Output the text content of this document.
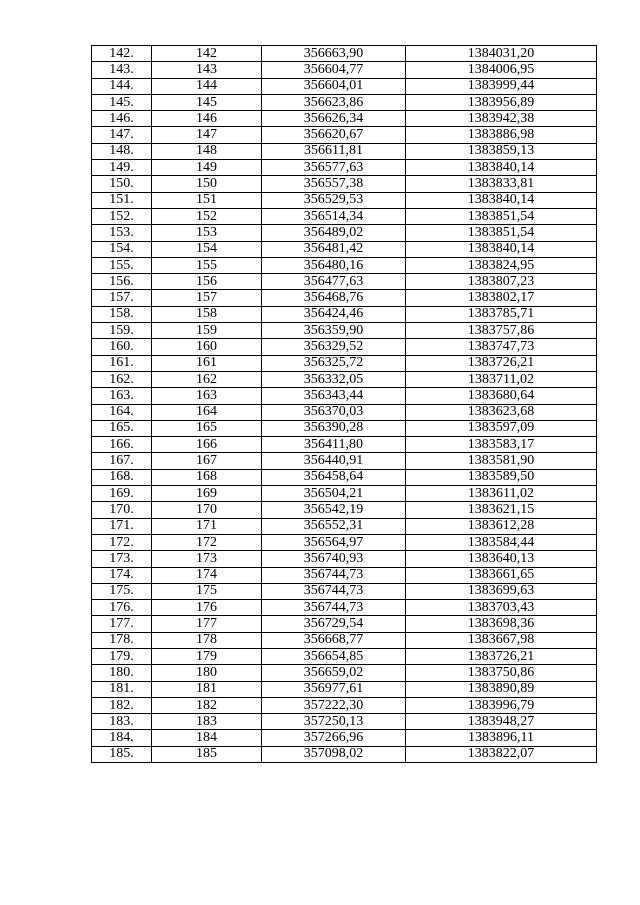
142.	142	356663,90	1384031,20
143.	143	356604,77	1384006,95
144.	144	356604,01	1383999,44
145.	145	356623,86	1383956,89
146.	146	356626,34	1383942,38
147.	147	356620,67	1383886,98
148.	148	356611,81	1383859,13
149.	149	356577,63	1383840,14
150.	150	356557,38	1383833,81
151.	151	356529,53	1383840,14
152.	152	356514,34	1383851,54
153.	153	356489,02	1383851,54
154.	154	356481,42	1383840,14
155.	155	356480,16	1383824,95
156.	156	356477,63	1383807,23
157.	157	356468,76	1383802,17
158.	158	356424,46	1383785,71
159.	159	356359,90	1383757,86
160.	160	356329,52	1383747,73
161.	161	356325,72	1383726,21
162.	162	356332,05	1383711,02
163.	163	356343,44	1383680,64
164.	164	356370,03	1383623,68
165.	165	356390,28	1383597,09
166.	166	356411,80	1383583,17
167.	167	356440,91	1383581,90
168.	168	356458,64	1383589,50
169.	169	356504,21	1383611,02
170.	170	356542,19	1383621,15
171.	171	356552,31	1383612,28
172.	172	356564,97	1383584,44
173.	173	356740,93	1383640,13
174.	174	356744,73	1383661,65
175.	175	356744,73	1383699,63
176.	176	356744,73	1383703,43
177.	177	356729,54	1383698,36
178.	178	356668,77	1383667,98
179.	179	356654,85	1383726,21
180.	180	356659,02	1383750,86
181.	181	356977,61	1383890,89
182.	182	357222,30	1383996,79
183.	183	357250,13	1383948,27
184.	184	357266,96	1383896,11
185.	185	357098,02	1383822,07
